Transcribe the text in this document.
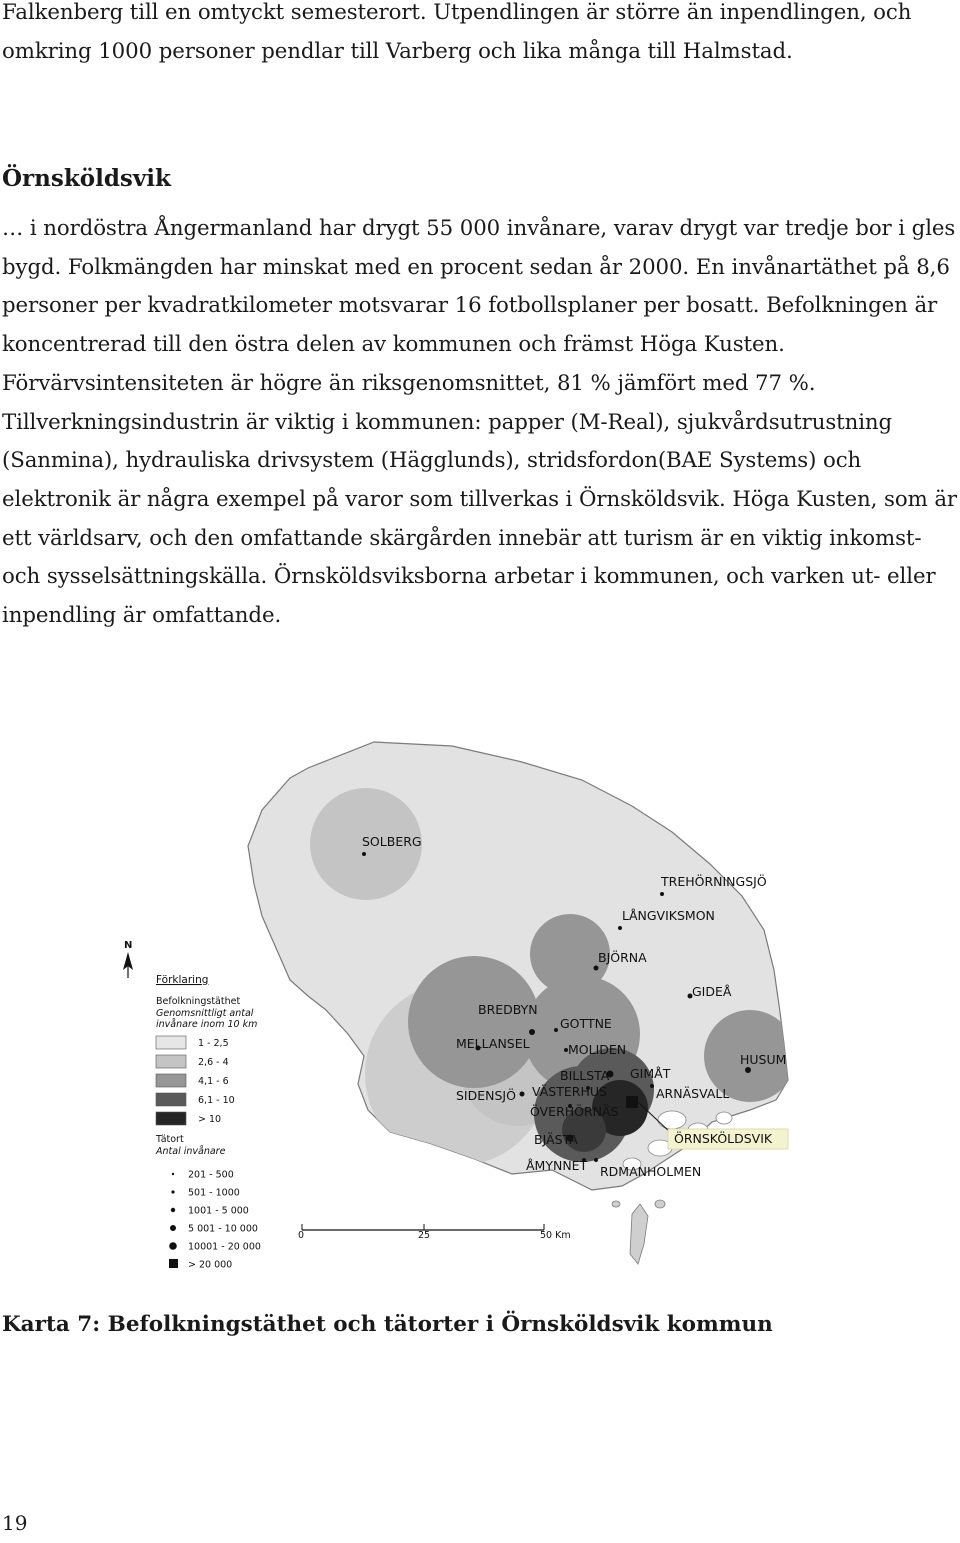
Falkenberg till en omtyckt semesterort. Utpendlingen är större än inpendlingen, och omkring 1000 personer pendlar till Varberg och lika många till Halmstad.

Örnsköldsvik

… i nordöstra Ångermanland har drygt 55 000 invånare, varav drygt var tredje bor i gles bygd. Folkmängden har minskat med en procent sedan år 2000. En invånartäthet på 8,6 personer per kvadratkilometer motsvarar 16 fotbollsplaner per bosatt. Befolkningen är koncentrerad till den östra delen av kommunen och främst Höga Kusten. Förvärvsintensiteten är högre än riksgenomsnittet, 81 % jämfört med 77 %. Tillverkningsindustrin är viktig i kommunen: papper (M-Real), sjukvårdsutrustning (Sanmina), hydrauliska drivsystem (Hägglunds), stridsfordon(BAE Systems) och elektronik är några exempel på varor som tillverkas i Örnsköldsvik. Höga Kusten, som är ett världsarv, och den omfattande skärgården innebär att turism är en viktig inkomst- och sysselsättningskälla. Örnsköldsviksborna arbetar i kommunen, och varken ut- eller inpendling är omfattande.

SOLBERG
TREHÖRNINGSJÖ
LÅNGVIKSMON
BJÖRNA
GIDEÅ
BREDBYN
GOTTNE
MELLANSEL	MOLIDEN
HUSUM
BILLSTA GIMÅT
VÄSTERHUS	ARNÄSVALL
SIDENSJÖ
ÖVERHÖRNÄS
ÖRNSKÖLDSVIK
BJÄSTA
ÅMYNNET RDMANHOLMEN
N
Förklaring
Befolkningstäthet
Genomsnittligt antal
invånare inom 10 km
1 - 2,5
2,6 - 4
4,1 - 6
6,1 - 10
> 10
Tätort
Antal invånare
201 - 500
501 - 1000
1001 - 5 000
5 001 - 10 000
10001 - 20 000
> 20 000
0	25	50 Km

Karta 7: Befolkningstäthet och tätorter i Örnsköldsvik kommun

19
